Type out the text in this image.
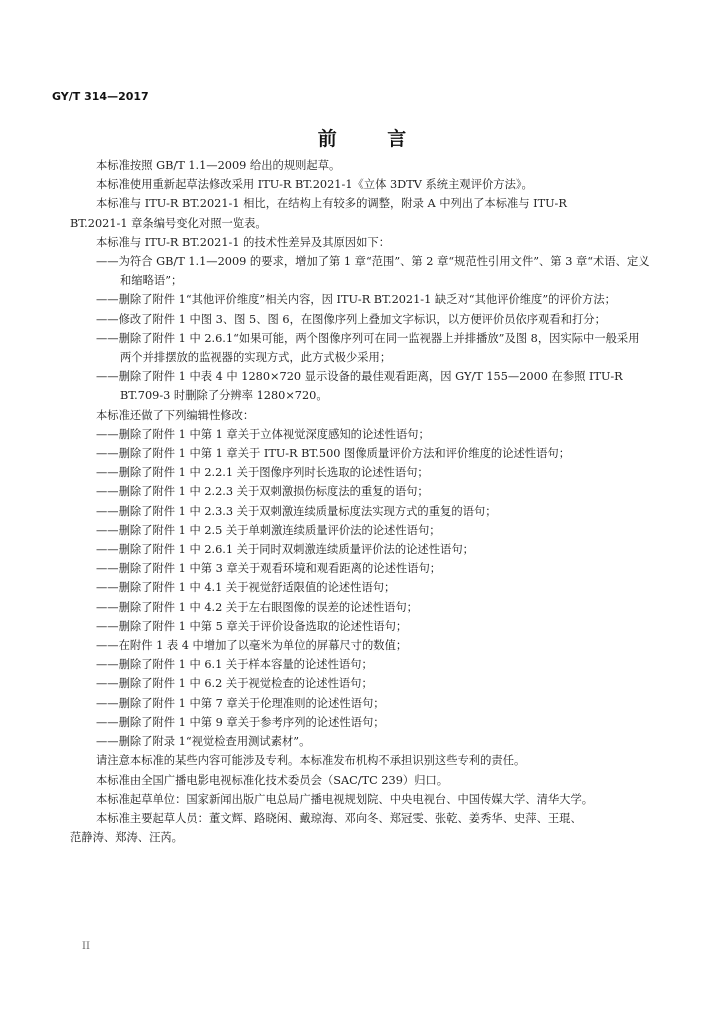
GY/T 314—2017
前 言
本标准按照 GB/T 1.1—2009 给出的规则起草。
本标准使用重新起草法修改采用 ITU-R BT.2021-1《立体 3DTV 系统主观评价方法》。
本标准与 ITU-R BT.2021-1 相比，在结构上有较多的调整，附录 A 中列出了本标准与 ITU-R
BT.2021-1 章条编号变化对照一览表。
本标准与 ITU-R BT.2021-1 的技术性差异及其原因如下：
——为符合 GB/T 1.1—2009 的要求，增加了第 1 章“范围”、第 2 章“规范性引用文件”、第 3 章“术语、定义和缩略语”；
——删除了附件 1“其他评价维度”相关内容，因 ITU-R BT.2021-1 缺乏对“其他评价维度”的评价方法；
——修改了附件 1 中图 3、图 5、图 6，在图像序列上叠加文字标识，以方便评价员依序观看和打分；
——删除了附件 1 中 2.6.1“如果可能，两个图像序列可在同一监视器上并排播放”及图 8，因实际中一般采用两个并排摆放的监视器的实现方式，此方式极少采用；
——删除了附件 1 中表 4 中 1280×720 显示设备的最佳观看距离，因 GY/T 155—2000 在参照 ITU-R BT.709-3 时删除了分辨率 1280×720。
本标准还做了下列编辑性修改：
——删除了附件 1 中第 1 章关于立体视觉深度感知的论述性语句；
——删除了附件 1 中第 1 章关于 ITU-R BT.500 图像质量评价方法和评价维度的论述性语句；
——删除了附件 1 中 2.2.1 关于图像序列时长选取的论述性语句；
——删除了附件 1 中 2.2.3 关于双刺激损伤标度法的重复的语句；
——删除了附件 1 中 2.3.3 关于双刺激连续质量标度法实现方式的重复的语句；
——删除了附件 1 中 2.5 关于单刺激连续质量评价法的论述性语句；
——删除了附件 1 中 2.6.1 关于同时双刺激连续质量评价法的论述性语句；
——删除了附件 1 中第 3 章关于观看环境和观看距离的论述性语句；
——删除了附件 1 中 4.1 关于视觉舒适限值的论述性语句；
——删除了附件 1 中 4.2 关于左右眼图像的误差的论述性语句；
——删除了附件 1 中第 5 章关于评价设备选取的论述性语句；
——在附件 1 表 4 中增加了以毫米为单位的屏幕尺寸的数值；
——删除了附件 1 中 6.1 关于样本容量的论述性语句；
——删除了附件 1 中 6.2 关于视觉检查的论述性语句；
——删除了附件 1 中第 7 章关于伦理准则的论述性语句；
——删除了附件 1 中第 9 章关于参考序列的论述性语句；
——删除了附录 1“视觉检查用测试素材”。
请注意本标准的某些内容可能涉及专利。本标准发布机构不承担识别这些专利的责任。
本标准由全国广播电影电视标准化技术委员会（SAC/TC 239）归口。
本标准起草单位：国家新闻出版广电总局广播电视规划院、中央电视台、中国传媒大学、清华大学。
本标准主要起草人员：董文辉、路晓闲、戴琼海、邓向冬、郑冠雯、张乾、姜秀华、史萍、王琨、
范静涛、郑涛、汪芮。
II
